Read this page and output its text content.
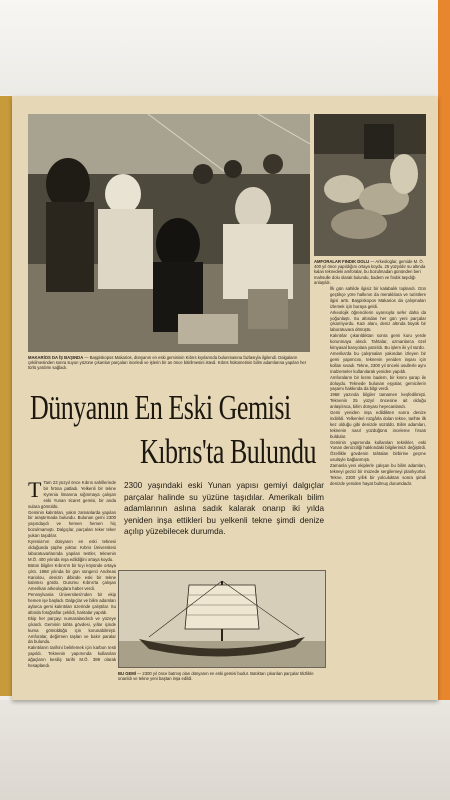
AMFORALAR FINDIK DOLU — Arkeologlar, gemide M. Ö. 400 yıl önce yapıldığını ortaya koydu. 25 yüzyıldır su altında kalan teknedeki amforalar, bu bozulmadan gününden beri mahsulle dolu olarak bulundu, badem ve fındık taşıdığı anlaşıldı.

MAKARİOS DA İŞ BAŞINDA — Başpiskopos Makarios, dünyanın en eski gemisinin Kıbrıs kıyılarında bulunmasına fazlasıyla ilgilendi. Dalgaların çekilmesinden sonra suyun yüzüne çıkarılan parçaları inceledi ve işlerin bir an önce bitirilmesini istedi. Kıbrıs hükümetinin bilim adamlarına yapılan her türlü yardımı sağladı.

Dünyanın En Eski Gemisi
Kıbrıs'ta Bulundu

2300 yaşındaki eski Yunan yapısı gemiyi dalgıçlar parçalar halinde su yüzüne taşıdılar. Amerikalı bilim adamlarının aslına sadık kalarak onarıp iki yılda yeniden inşa ettikleri bu yelkenli tekne şimdi denize açılıp yüzebilecek durumda.

T Tam 23 yüzyıl önce Kıbrıs sahillerinde bir fırtına patladı. Yelkenli bir tekne Kyrenia limanına sığınmaya çalışan eski Yunan ticaret gemisi, bir anda sulara gömüldü.

Geminin kalıntıları, yakın zamanlarda yapılan bir araştırmada bulundu. Bulunan gemi 2300 yaşındaydı ve hemen hemen hiç bozulmamıştı. Dalgıçlar, parçaları teker teker yukarı taşıdılar.

Kyrenia'nın dünyanın en eski teknesi olduğunda şüphe yoktur. Kıbrıs Üniversitesi laboratuvarlarında yapılan testler, teknenin M.Ö. 400 yılında inşa edildiğini ortaya koydu.

Bütün bilgiler Kıbrıs'ın bir kıyı köyünde ortaya çıktı. 1968 yılında bir gün süngerci Andreas Kariolou, denizin dibinde eski bir tekne kalıntısı gördü. Durumu Kıbrıs'ta çalışan Amerikan arkeologlara haber verdi.

Pennsylvania Üniversitesi'nden bir ekip hemen işe başladı. Dalgıçlar ve bilim adamları aylarca gemi kalıntıları üzerinde çalıştılar. Su altında fotoğraflar çekildi, haritalar yapıldı.

Ekip her parçayı numaralandırdı ve yüzeye çıkardı. Geminin tahta gövdesi, yıllar içinde kuma gömüldüğü için korunabilmişti. Amforalar, değirmen taşları ve bakır paralar da bulundu.

Kalıntıların tarihini belirlemek için karbon testi yapıldı. Teknenin yapımında kullanılan ağaçların kesiliş tarihi M.Ö. 389 olarak hesaplandı.

İlk gün sahilde ilgisiz bir kalabalık toplandı. Gün geçtikçe yöre halkının da meraklılara ve turistlere ilgisi arttı. Başpiskopos Makarios da çalışmaları izlemek için buraya geldi.

Arkeolojik öğrencilerin uyarısıyla sefer daha da yoğunlaştı. Su altından her gün yeni parçalar çıkarılıyordu. Kazı alanı, deniz altında büyük bir laboratuvara dönüştü.

Kalıntılar çıkarıldıktan sonra gemi kuru yerde korunmaya alındı. Tahtalar, uzmanlarca özel kimyasal banyolara yatırıldı. Bu işlem iki yıl sürdü.

Amerika'da bu çalışmaları yakından izleyen bir gemi yapımcısı, teknenin yeniden inşası için kolları sıvadı. Tekne, 2300 yıl önceki usullerle aynı malzemeler kullanılarak yeniden yapıldı.

Amforaların bir kısmı badem, bir kısmı şarap ile doluydu. Teknede bulunan eşyalar, gemicilerin yaşamı hakkında da bilgi verdi.

1968 yazında bilgiler tamamen keşfedilmişti. Teknenin 25 yüzyıl öncesine ait olduğu anlaşılınca, bilim dünyası heyecanlandı.

Gemi yeniden inşa edildikten sonra denize indirildi. Yelkenleri rüzgârla dolan tekne, tarihte ilk kez olduğu gibi denizde süzüldü. Bilim adamları, teknenin nasıl yüzdüğünü inceleme fırsatı buldular.

Geminin yapımında kullanılan teknikler, eski Yunan denizciliği hakkındaki bilgilerimizi değiştirdi. Özellikle gövdenin tahtaları birbirine geçme usulüyle bağlanmıştı.

Zamanla yeni ekiplerle çalışan bu bilim adamları, tekneyi gezici bir müzede sergilemeyi planlıyorlar. Tekne, 2300 yıllık bir yolculuktan sonra şimdi denizde yeniden hayat bulmuş durumdadır.

BU GEMİ — 2300 yıl önce batmış olan dünyanın en eski gemisi budur. Batıktan çıkarılan parçalar titizlikle onarıldı ve tekne yeni baştan inşa edildi.
